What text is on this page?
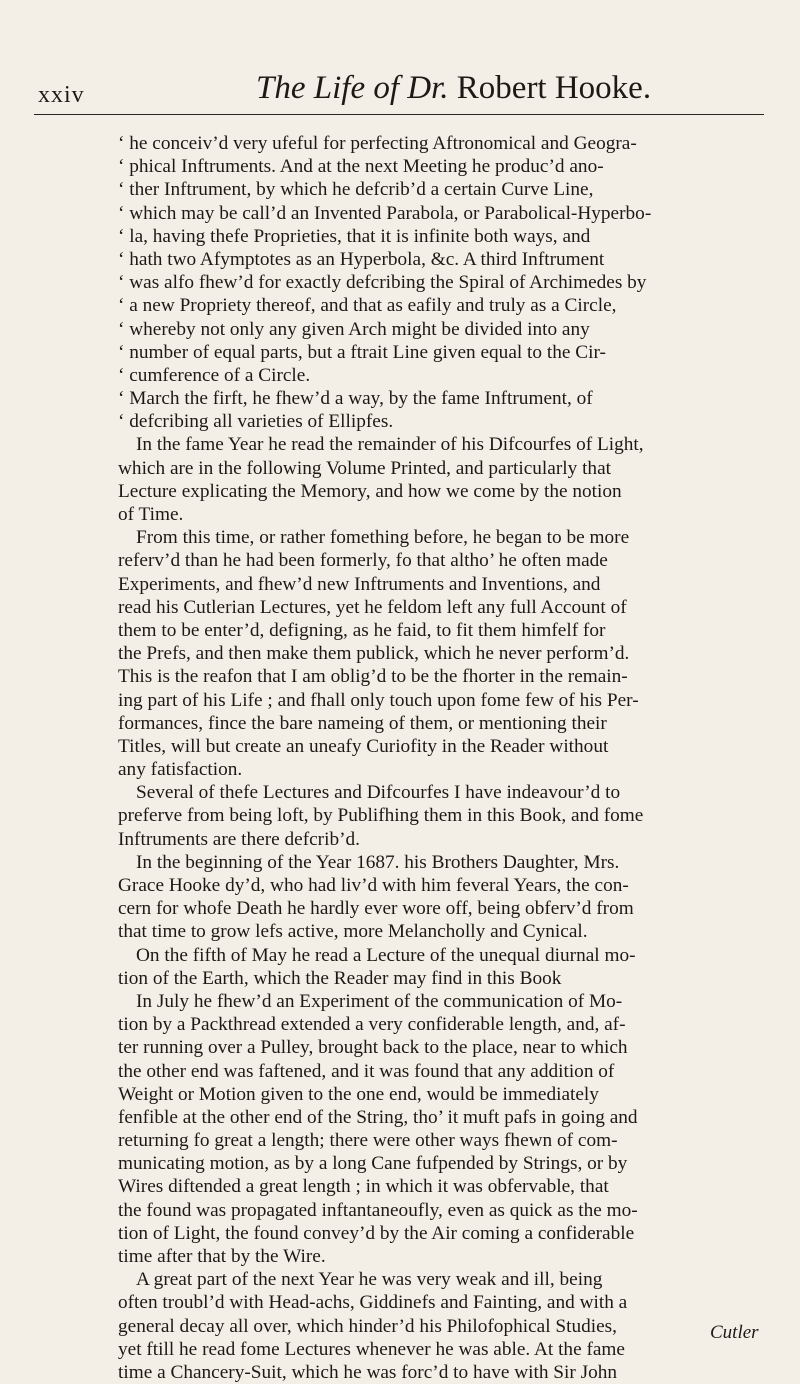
xxiv	The Life of Dr. Robert Hooke.
‘ he conceiv’d very ufeful for perfecting Aftronomical and Geogra-
‘ phical Inftruments. And at the next Meeting he produc’d ano-
‘ ther Inftrument, by which he defcrib’d a certain Curve Line,
‘ which may be call’d an Invented Parabola, or Parabolical-Hyperbo-
‘ la, having thefe Proprieties, that it is infinite both ways, and
‘ hath two Afymptotes as an Hyperbola, &c. A third Inftrument
‘ was alfo fhew’d for exactly defcribing the Spiral of Archimedes by
‘ a new Propriety thereof, and that as eafily and truly as a Circle,
‘ whereby not only any given Arch might be divided into any
‘ number of equal parts, but a ftrait Line given equal to the Cir-
‘ cumference of a Circle.
‘ March the firft, he fhew’d a way, by the fame Inftrument, of
‘ defcribing all varieties of Ellipfes.
In the fame Year he read the remainder of his Difcourfes of Light,
which are in the following Volume Printed, and particularly that
Lecture explicating the Memory, and how we come by the notion
of Time.
From this time, or rather fomething before, he began to be more
referv’d than he had been formerly, fo that altho’ he often made
Experiments, and fhew’d new Inftruments and Inventions, and
read his Cutlerian Lectures, yet he feldom left any full Account of
them to be enter’d, defigning, as he faid, to fit them himfelf for
the Prefs, and then make them publick, which he never perform’d.
This is the reafon that I am oblig’d to be the fhorter in the remain-
ing part of his Life ; and fhall only touch upon fome few of his Per-
formances, fince the bare nameing of them, or mentioning their
Titles, will but create an uneafy Curiofity in the Reader without
any fatisfaction.
Several of thefe Lectures and Difcourfes I have indeavour’d to
preferve from being loft, by Publifhing them in this Book, and fome
Inftruments are there defcrib’d.
In the beginning of the Year 1687. his Brothers Daughter, Mrs.
Grace Hooke dy’d, who had liv’d with him feveral Years, the con-
cern for whofe Death he hardly ever wore off, being obferv’d from
that time to grow lefs active, more Melancholly and Cynical.
On the fifth of May he read a Lecture of the unequal diurnal mo-
tion of the Earth, which the Reader may find in this Book
In July he fhew’d an Experiment of the communication of Mo-
tion by a Packthread extended a very confiderable length, and, af-
ter running over a Pulley, brought back to the place, near to which
the other end was faftened, and it was found that any addition of
Weight or Motion given to the one end, would be immediately
fenfible at the other end of the String, tho’ it muft pafs in going and
returning fo great a length; there were other ways fhewn of com-
municating motion, as by a long Cane fufpended by Strings, or by
Wires diftended a great length ; in which it was obfervable, that
the found was propagated inftantaneoufly, even as quick as the mo-
tion of Light, the found convey’d by the Air coming a confiderable
time after that by the Wire.
A great part of the next Year he was very weak and ill, being
often troubl’d with Head-achs, Giddinefs and Fainting, and with a
general decay all over, which hinder’d his Philofophical Studies,
yet ftill he read fome Lectures whenever he was able. At the fame
time a Chancery-Suit, which he was forc’d to have with Sir John
Cutler
